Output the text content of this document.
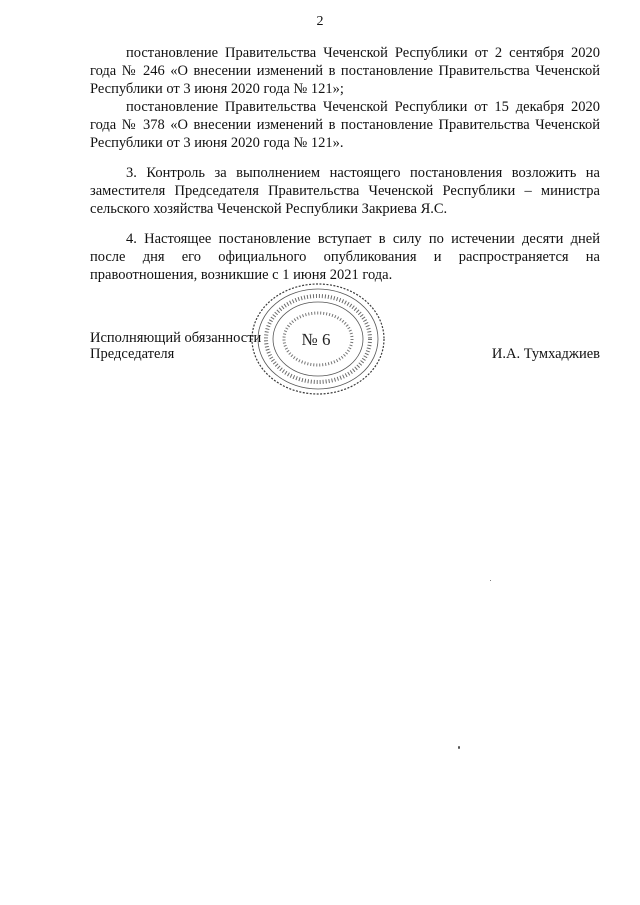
2

постановление Правительства Чеченской Республики от 2 сентября 2020 года № 246 «О внесении изменений в постановление Правительства Чеченской Республики от 3 июня 2020 года № 121»;

постановление Правительства Чеченской Республики от 15 декабря 2020 года № 378 «О внесении изменений в постановление Правительства Чеченской Республики от 3 июня 2020 года № 121».

3. Контроль за выполнением настоящего постановления возложить на заместителя Председателя Правительства Чеченской Республики – министра сельского хозяйства Чеченской Республики Закриева Я.С.

4. Настоящее постановление вступает в силу по истечении десяти дней после дня его официального опубликования и распространяется на правоотношения, возникшие с 1 июня 2021 года.

Исполняющий обязанности
Председателя	И.А. Тумхаджиев
№ 6
